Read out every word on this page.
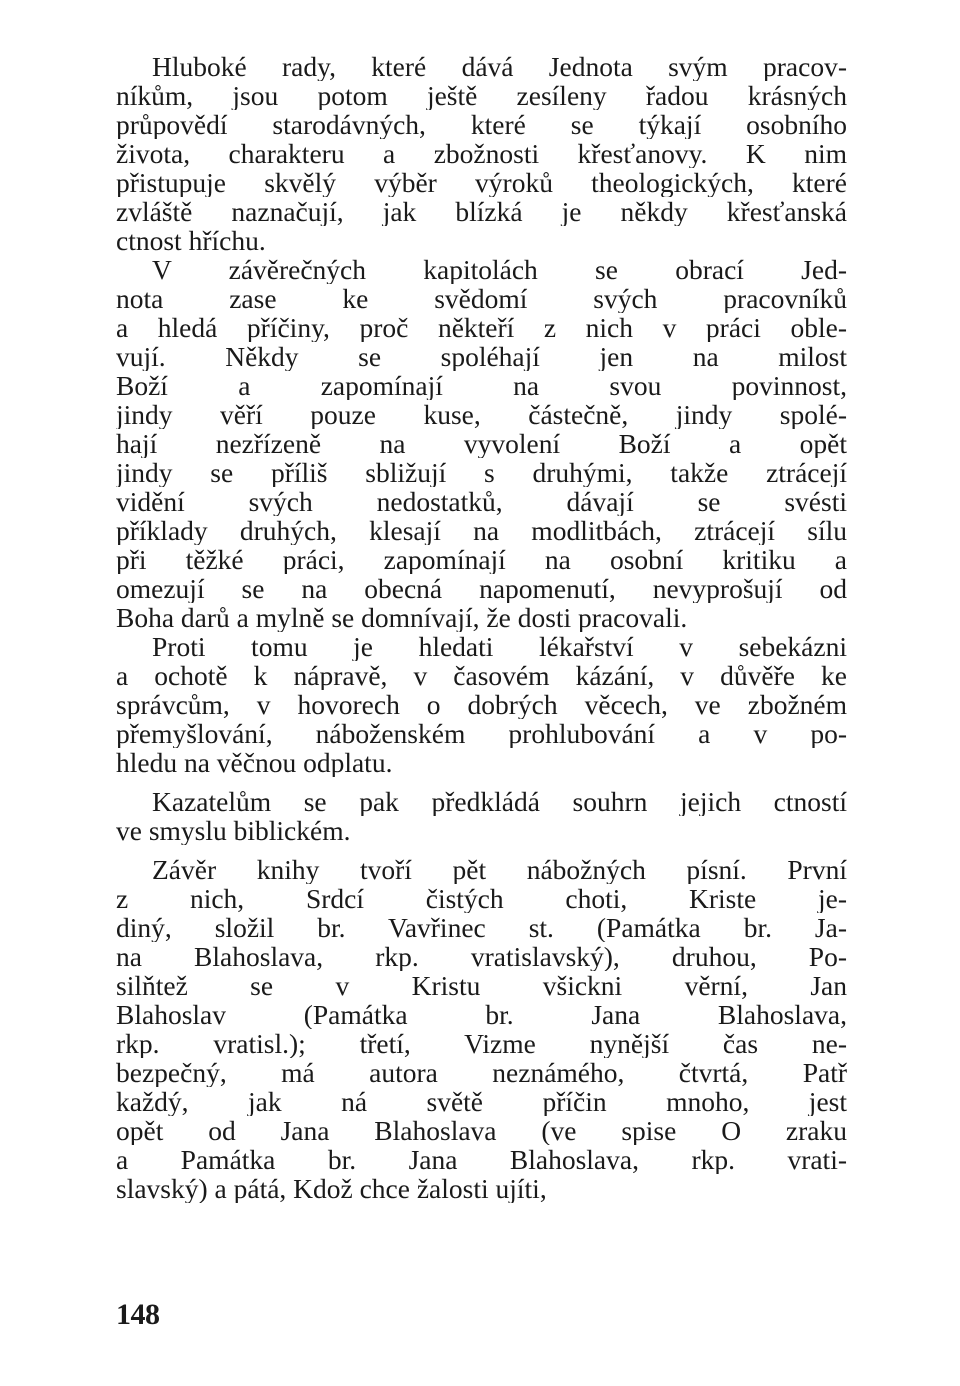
Hluboké rady, které dává Jednota svým pracov-
níkům, jsou potom ještě zesíleny řadou krásných
průpovědí starodávných, které se týkají osobního
života, charakteru a zbožnosti křesťanovy. K nim
přistupuje skvělý výběr výroků theologických, které
zvláště naznačují, jak blízká je někdy křesťanská
ctnost hříchu.
V závěrečných kapitolách se obrací Jed-
nota zase ke svědomí svých pracovníků
a hledá příčiny, proč někteří z nich v práci oble-
vují. Někdy se spoléhají jen na milost
Boží a zapomínají na svou povinnost,
jindy věří pouze kuse, částečně, jindy spolé-
hají nezřízeně na vyvolení Boží a opět
jindy se příliš sbližují s druhými, takže ztrácejí
vidění svých nedostatků, dávají se svésti
příklady druhých, klesají na modlitbách, ztrácejí sílu
při těžké práci, zapomínají na osobní kritiku a
omezují se na obecná napomenutí, nevyprošují od
Boha darů a mylně se domnívají, že dosti pracovali.
Proti tomu je hledati lékařství v sebekázni
a ochotě k nápravě, v časovém kázání, v důvěře ke
správcům, v hovorech o dobrých věcech, ve zbožném
přemyšlování, náboženském prohlubování a v po-
hledu na věčnou odplatu.
Kazatelům se pak předkládá souhrn jejich ctností
ve smyslu biblickém.
Závěr knihy tvoří pět nábožných písní. První
z nich, Srdcí čistých choti, Kriste je-
diný, složil br. Vavřinec st. (Památka br. Ja-
na Blahoslava, rkp. vratislavský), druhou, Po-
silňtež se v Kristu všickni věrní, Jan
Blahoslav (Památka br. Jana Blahoslava,
rkp. vratisl.); třetí, Vizme nynější čas ne-
bezpečný, má autora neznámého, čtvrtá, Patř
každý, jak ná světě příčin mnoho, jest
opět od Jana Blahoslava (ve spise O zraku
a Památka br. Jana Blahoslava, rkp. vrati-
slavský) a pátá, Kdož chce žalosti ujíti,
148
